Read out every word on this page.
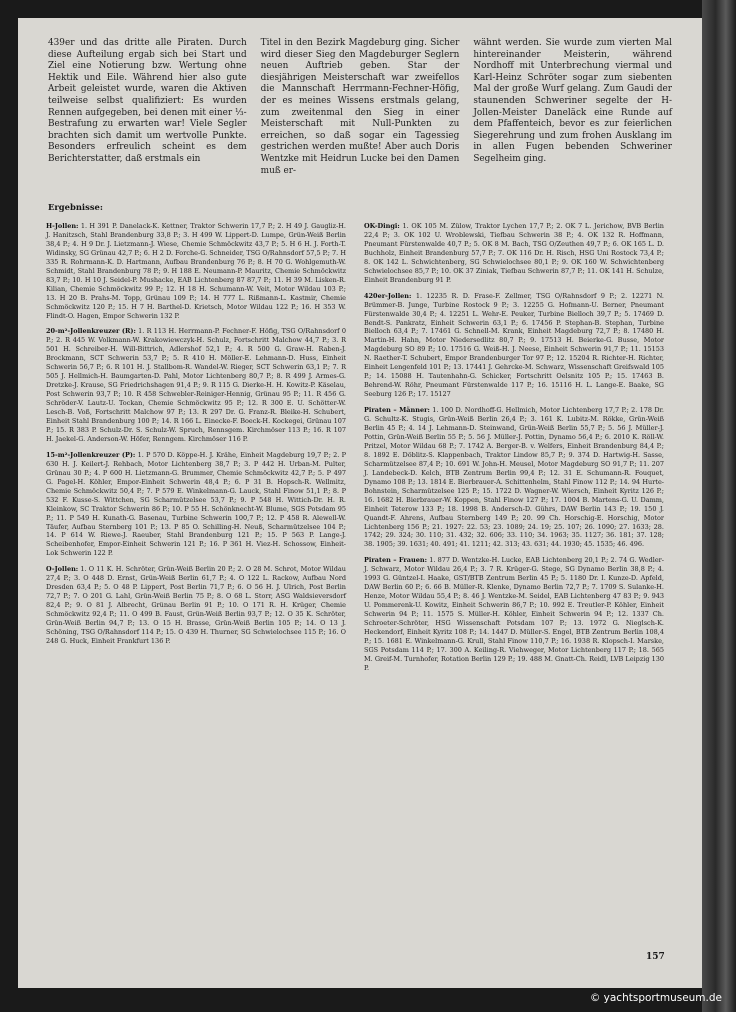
439er und das dritte alle Piraten. Durch diese Aufteilung ergab sich bei Start und Ziel eine Notierung bzw. Wertung ohne Hektik und Eile. Während hier also gute Arbeit geleistet wurde, waren die Aktiven teilweise selbst qualifiziert: Es wurden Rennen aufgegeben, bei denen mit einer ⅓-Bestrafung zu erwarten war! Viele Segler brachten sich damit um wertvolle Punkte. Besonders erfreulich scheint es dem Berichterstatter, daß erstmals ein
Titel in den Bezirk Magdeburg ging. Sicher wird dieser Sieg den Magdeburger Seglern neuen Auftrieb geben. Star der diesjährigen Meisterschaft war zweifellos die Mannschaft Herrmann-Fechner-Höfig, der es meines Wissens erstmals gelang, zum zweitenmal den Sieg in einer Meisterschaft mit Null-Punkten zu erreichen, so daß sogar ein Tagessieg gestrichen werden mußte! Aber auch Doris Wentzke mit Heidrun Lucke bei den Damen muß er-
wähnt werden. Sie wurde zum vierten Mal hintereinander Meisterin, während Nordhoff mit Unterbrechung viermal und Karl-Heinz Schröter sogar zum siebenten Mal der große Wurf gelang. Zum Gaudi der staunenden Schweriner segelte der H-Jollen-Meister Daneläck eine Runde auf dem Pfaffenteich, bevor es zur feierlichen Siegerehrung und zum frohen Ausklang im in allen Fugen bebenden Schweriner Segelheim ging.
Ergebnisse:

H-Jollen: 1. H 391 P. Danelack-K. Kettner, Traktor Schwerin 17,7 P.; 2. H 49 J. Gaugliz-H. J. Hanitzsch, Stahl Brandenburg 33,8 P.; 3. H 499 W. Lippert-D. Lumpe, Grün-Weiß Berlin 38,4 P.; 4. H 9 Dr. J. Lietzmann-J. Wiese, Chemie Schmöckwitz 43,7 P.; 5. H 6 H. J. Forth-T. Widinsky, SG Grünau 42,7 P.; 6. H 2 D. Forche-G. Schneider, TSG O/Rahnsdorf 57,5 P.; 7. H 335 R. Rohrmann-K. D. Hartmann, Aufbau Brandenburg 76 P.; 8. H 70 G. Wohlgemuth-W. Schmidt, Stahl Brandenburg 78 P.; 9. H 188 E. Neumann-P. Mauritz, Chemie Schmöckwitz 83,7 P.; 10. H 10 J. Seidel-P. Mushacke, EAB Lichtenberg 87 87,7 P.; 11. H 39 M. Lisken-R. Kilian, Chemie Schmöckwitz 99 P.; 12. H 18 H. Schumann-W. Veit, Motor Wildau 103 P.; 13. H 20 B. Prahs-M. Topp, Grünau 109 P.; 14. H 777 L. Rißmann-L. Kastmir, Chemie Schmöckwitz 120 P.; 15. H 7 H. Barthel-D. Krietsch, Motor Wildau 122 P.; 16. H 353 W. Flindt-O. Hagen, Empor Schwerin 132 P.

20-m²-Jollenkreuzer (R): 1. R 113 H. Herrmann-P. Fechner-F. Höfig, TSG O/Rahnsdorf 0 P.; 2. R 445 W. Volkmann-W. Krakowiewczyk-H. Schulz, Fortschritt Malchow 44,7 P.; 3. R 501 H. Schreiber-H. Will-Bittrich, Adlershof 52,1 P.; 4. R 500 G. Graw-H. Raben-J. Brockmann, SCT Schwerin 53,7 P.; 5. R 410 H. Möller-E. Lehmann-D. Huss, Einheit Schwerin 56,7 P.; 6. R 101 H. J. Stallbom-R. Wandel-W. Rieger, SCT Schwerin 63,1 P.; 7. R 505 J. Hellmich-H. Baumgarten-D. Pahl, Motor Lichtenberg 80,7 P.; 8. R 499 J. Armes-G. Dretzke-J. Krause, SG Friedrichshagen 91,4 P.; 9. R 115 G. Dierke-H. H. Kowitz-P. Käselau, Post Schwerin 93,7 P.; 10. R 458 Schwebler-Reiniger-Hennig, Grünau 95 P.; 11. R 456 G. Schröder-V. Lautz-U. Tockan, Chemie Schmöckwitz 95 P.; 12. R 300 E. U. Schötter-W. Lesch-B. Voß, Fortschritt Malchow 97 P.; 13. R 297 Dr. G. Franz-R. Bleike-H. Schubert, Einheit Stahl Brandenburg 100 P.; 14. R 166 L. Einecke-F. Boeck-H. Kockegei, Grünau 107 P.; 15. R 383 P. Schulz-Dr. S. Schulz-W. Spruch, Rennsgem. Kirchmöser 113 P.; 16. R 107 H. Jaekel-G. Anderson-W. Höfer, Renngem. Kirchmöser 116 P.

15-m²-Jollenkreuzer (P): 1. P 570 D. Köppe-H. J. Krähe, Einheit Magdeburg 19,7 P.; 2. P 630 H. J. Keilert-J. Rehbach, Motor Lichtenberg 38,7 P.; 3. P 442 H. Urban-M. Pulter, Grünau 30 P.; 4. P 600 H. Lietzmann-G. Brummer, Chemie Schmöckwitz 42,7 P.; 5. P 497 G. Pagel-H. Köhler, Empor-Einheit Schwerin 48,4 P.; 6. P 31 B. Hopsch-R. Wellmitz, Chemie Schmöckwitz 50,4 P.; 7. P 579 E. Winkelmann-G. Lauck, Stahl Finow 51,1 P.; 8. P 532 F. Kusse-S. Wittchen, SG Scharmützelsee 53,7 P.; 9. P 548 H. Wittich-Dr. H. R. Kleinkow, SC Traktor Schwerin 86 P.; 10. P 55 H. Schönknecht-W. Blume, SGS Potsdam 95 P.; 11. P 549 H. Kunath-G. Basenau, Turbine Schwerin 100,7 P.; 12. P 458 R. Alewell-W. Täufer, Aufbau Sternberg 101 P.; 13. P 85 O. Schilling-H. Neuß, Scharmützelsee 104 P.; 14. P 614 W. Riewe-J. Raeuber, Stahl Brandenburg 121 P.; 15. P 563 P. Lange-J. Scheibenhofer, Empor-Einheit Schwerin 121 P.; 16. P 361 H. Viez-H. Schossow, Einheit-Lok Schwerin 122 P.

O-Jollen: 1. O 11 K. H. Schröter, Grün-Weiß Berlin 20 P.; 2. O 28 M. Schrot, Motor Wildau 27,4 P.; 3. O 448 D. Ernst, Grün-Weiß Berlin 61,7 P.; 4. O 122 L. Rackow, Aufbau Nord Dresden 63,4 P.; 5. O 48 P. Lippert, Post Berlin 71,7 P.; 6. O 56 H. J. Ulrich, Post Berlin 72,7 P.; 7. O 201 G. Lahl, Grün-Weiß Berlin 75 P.; 8. O 68 L. Storr, ASG Waldsieversdorf 82,4 P.; 9. O 81 J. Albrecht, Grünau Berlin 91 P.; 10. O 171 R. H. Krüger, Chemie Schmöckwitz 92,4 P.; 11. O 499 B. Faust, Grün-Weiß Berlin 93,7 P.; 12. O 35 K. Schröter, Grün-Weiß Berlin 94,7 P.; 13. O 15 H. Brasse, Grün-Weiß Berlin 105 P.; 14. O 13 J. Schöning, TSG O/Rahnsdorf 114 P.; 15. O 439 H. Thurner, SG Schwielochsee 115 P.; 16. O 248 G. Huck, Einheit Frankfurt 136 P.

OK-Dingi: 1. OK 105 M. Zülow, Traktor Lychen 17,7 P.; 2. OK 7 L. Jerichow, BVB Berlin 22,4 P.; 3. OK 102 U. Wroblewski, Tiefbau Schwerin 38 P.; 4. OK 132 R. Hoffmann, Pneumant Fürstenwalde 40,7 P.; 5. OK 8 M. Bach, TSG O/Zeuthen 49,7 P.; 6. OK 165 L. D. Buchholz, Einheit Brandenburg 57,7 P.; 7. OK 116 Dr. H. Risch, HSG Uni Rostock 73,4 P.; 8. OK 142 L. Schwichtenberg, SG Schwielochsee 80,1 P.; 9. OK 160 W. Schwichtenberg Schwielochsee 85,7 P.; 10. OK 37 Ziniak, Tiefbau Schwerin 87,7 P.; 11. OK 141 H. Schulze, Einheit Brandenburg 91 P.

420er-Jollen: 1. 12235 R. D. Frase-F. Zellmer, TSG O/Rahnsdorf 9 P.; 2. 12271 N. Brümmer-B. Junge, Turbine Rostock 9 P.; 3. 12255 G. Hofmann-U. Berner, Pneumant Fürstenwalde 30,4 P.; 4. 12251 L. Wehr-E. Peuker, Turbine Bielloch 39,7 P.; 5. 17469 D. Bendt-S. Pankratz, Einheit Schwerin 63,1 P.; 6. 17456 P. Stephan-B. Stephan, Turbine Bielloch 63,4 P.; 7. 17461 G. Schnell-M. Krank, Einheit Magdeburg 72,7 P.; 8. 17480 H. Martin-H. Hahn, Motor Niedersedlitz 80,7 P.; 9. 17513 H. Beierke-G. Busse, Motor Magdeburg SO 89 P.; 10. 17516 G. Weiß-H. J. Neese, Einheit Schwerin 91,7 P.; 11. 15153 N. Raether-T. Schubert, Empor Brandenburger Tor 97 P.; 12. 15204 R. Richter-H. Richter, Einheit Lengenfeld 101 P.; 13. 17441 J. Gehrcke-M. Schwarz, Wissenschaft Greifswald 105 P.; 14. 15088 H. Tautenhahn-G. Schicker, Fortschritt Oelsnitz 105 P.; 15. 17463 B. Behrend-W. Röhr, Pneumant Fürstenwalde 117 P.; 16. 15116 H. L. Lange-E. Baake, SG Seeburg 126 P.; 17. 15127

Piraten – Männer: 1. 100 D. Nordhoff-G. Hellmich, Motor Lichtenberg 17,7 P.; 2. 178 Dr. G. Schultz-K. Stugis, Grün-Weiß Berlin 26,4 P.; 3. 161 K. Lubitz-M. Rökke, Grün-Weiß Berlin 45 P.; 4. 14 J. Lehmann-D. Steinwand, Grün-Weiß Berlin 55,7 P.; 5. 56 J. Müller-J. Pottin, Grün-Weiß Berlin 55 P.; 5. 56 J. Müller-J. Pottin, Dynamo 56,4 P.; 6. 2010 K. Röll-W. Pritzel, Motor Wildau 68 P.; 7. 1742 A. Berger-B. v. Welfers, Einheit Brandenburg 84,4 P.; 8. 1892 E. Döblitz-S. Klappenbach, Traktor Lindow 85,7 P.; 9. 374 D. Hartwig-H. Sasse, Scharmützelsee 87,4 P.; 10. 691 W. John-H. Meusel, Motor Magdeburg SO 91,7 P.; 11. 207 J. Landebeck-D. Kelch, BTB Zentrum Berlin 99,4 P.; 12. 31 E. Schumann-R. Fouquet, Dynamo 108 P.; 13. 1814 E. Bierbrauer-A. Schittenhelm, Stahl Finow 112 P.; 14. 94 Hurte-Bohnstein, Scharmützelsee 125 P.; 15. 1722 D. Wagner-W. Wiersch, Einheit Kyritz 126 P.; 16. 1682 H. Bierbrauer-W. Koppen, Stahl Finow 127 P.; 17. 1004 B. Martens-G. U. Damm, Einheit Teterow 133 P.; 18. 1998 B. Andersch-D. Gührs, DAW Berlin 143 P.; 19. 150 J. Quandt-F. Ahrens, Aufbau Sternberg 149 P.; 20. 99 Ch. Horschig-E. Horschig, Motor Lichtenberg 156 P.; 21. 1927: 22. 53; 23. 1089; 24. 19; 25. 107; 26. 1090; 27. 1633; 28. 1742; 29. 324; 30. 110; 31. 432; 32. 606; 33. 110; 34. 1963; 35. 1127; 36. 181; 37. 128; 38. 1905; 39. 1631; 40. 491; 41. 1211; 42. 313; 43. 631; 44. 1930; 45. 1535; 46. 496.

Piraten – Frauen: 1. 877 D. Wentzke-H. Lucke, EAB Lichtenberg 20,1 P.; 2. 74 G. Wedler-J. Schwarz, Motor Wildau 26,4 P.; 3. 7 R. Krüger-G. Stege, SG Dynamo Berlin 38,8 P.; 4. 1993 G. Güntzel-I. Haake, GST/BTB Zentrum Berlin 45 P.; 5. 1180 Dr. I. Kunze-D. Apfeld, DAW Berlin 60 P.; 6. 66 B. Müller-R. Klenke, Dynamo Berlin 72,7 P.; 7. 1709 S. Sulanke-H. Henze, Motor Wildau 55,4 P.; 8. 46 J. Wentzke-M. Seidel, EAB Lichtenberg 47 83 P.; 9. 943 U. Pommerenk-U. Kowitz, Einheit Schwerin 86,7 P.; 10. 992 E. Treutler-P. Köhler, Einheit Schwerin 94 P.; 11. 1575 S. Müller-H. Köhler, Einheit Schwerin 94 P.; 12. 1337 Ch. Schroeter-Schröter, HSG Wissenschaft Potsdam 107 P.; 13. 1972 G. Nieglsch-K. Heckendorf, Einheit Kyritz 108 P.; 14. 1447 D. Müller-S. Engel, BTB Zentrum Berlin 108,4 P.; 15. 1681 E. Winkelmann-G. Krull, Stahl Finow 110,7 P.; 16. 1938 R. Klopsch-I. Marske, SGS Potsdam 114 P.; 17. 300 A. Keiling-R. Viehweger, Motor Lichtenberg 117 P.; 18. 565 M. Greif-M. Turnhofer, Rotation Berlin 129 P.; 19. 488 M. Gnatt-Ch. Reidl, LVB Leipzig 130 P.

157
© yachtsportmuseum.de
